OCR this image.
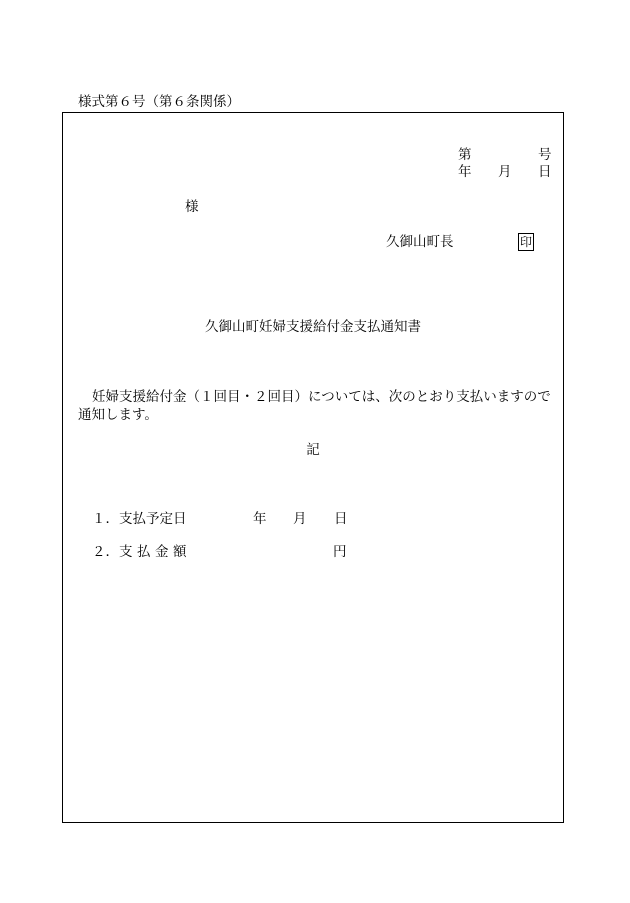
様式第６号（第６条関係）
第	号
年 月 日
様
久御山町長	印
久御山町妊婦支援給付金支払通知書
妊婦支援給付金（１回目・２回目）については、次のとおり支払いますので
通知します。
記
１．支払予定日	年 月 日
２．支払金額	円
